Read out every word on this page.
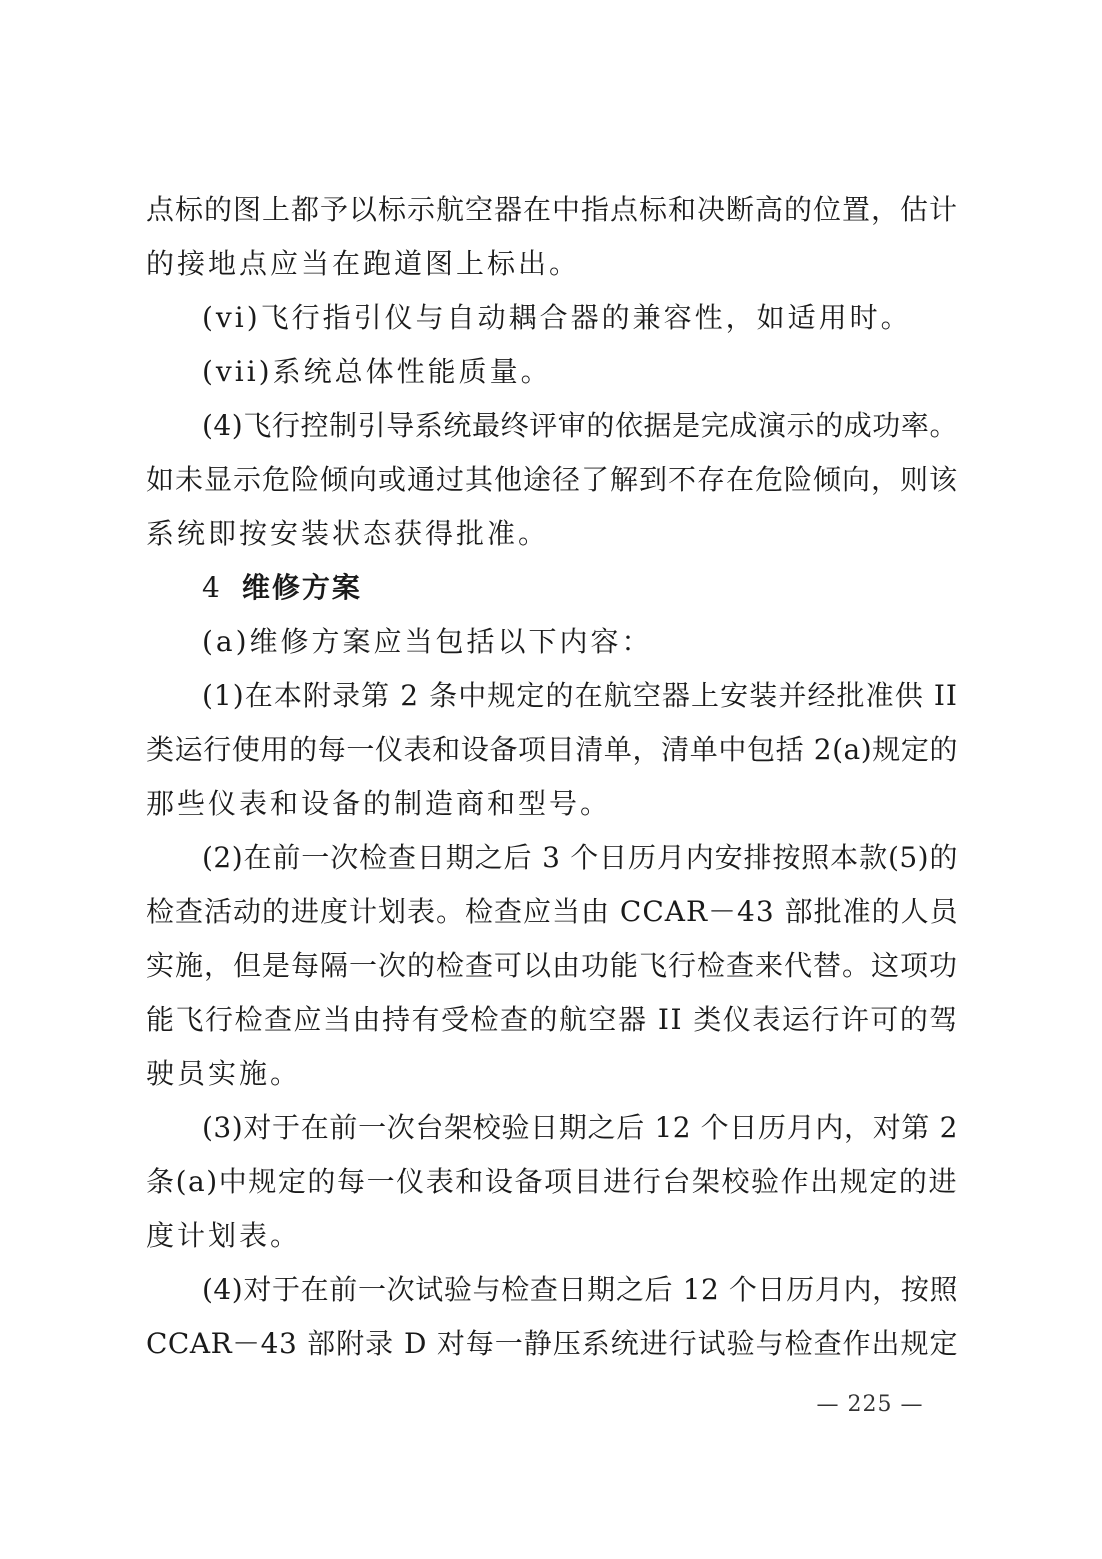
点标的图上都予以标示航空器在中指点标和决断高的位置，估计
的接地点应当在跑道图上标出。
(vi)飞行指引仪与自动耦合器的兼容性，如适用时。
(vii)系统总体性能质量。
(4)飞行控制引导系统最终评审的依据是完成演示的成功率。
如未显示危险倾向或通过其他途径了解到不存在危险倾向，则该
系统即按安装状态获得批准。
4 维修方案
(a)维修方案应当包括以下内容：
(1)在本附录第 2 条中规定的在航空器上安装并经批准供 II
类运行使用的每一仪表和设备项目清单，清单中包括 2(a)规定的
那些仪表和设备的制造商和型号。
(2)在前一次检查日期之后 3 个日历月内安排按照本款(5)的
检查活动的进度计划表。检查应当由 CCAR－43 部批准的人员
实施，但是每隔一次的检查可以由功能飞行检查来代替。这项功
能飞行检查应当由持有受检查的航空器 II 类仪表运行许可的驾
驶员实施。
(3)对于在前一次台架校验日期之后 12 个日历月内，对第 2
条(a)中规定的每一仪表和设备项目进行台架校验作出规定的进
度计划表。
(4)对于在前一次试验与检查日期之后 12 个日历月内，按照
CCAR－43 部附录 D 对每一静压系统进行试验与检查作出规定
— 225 —
